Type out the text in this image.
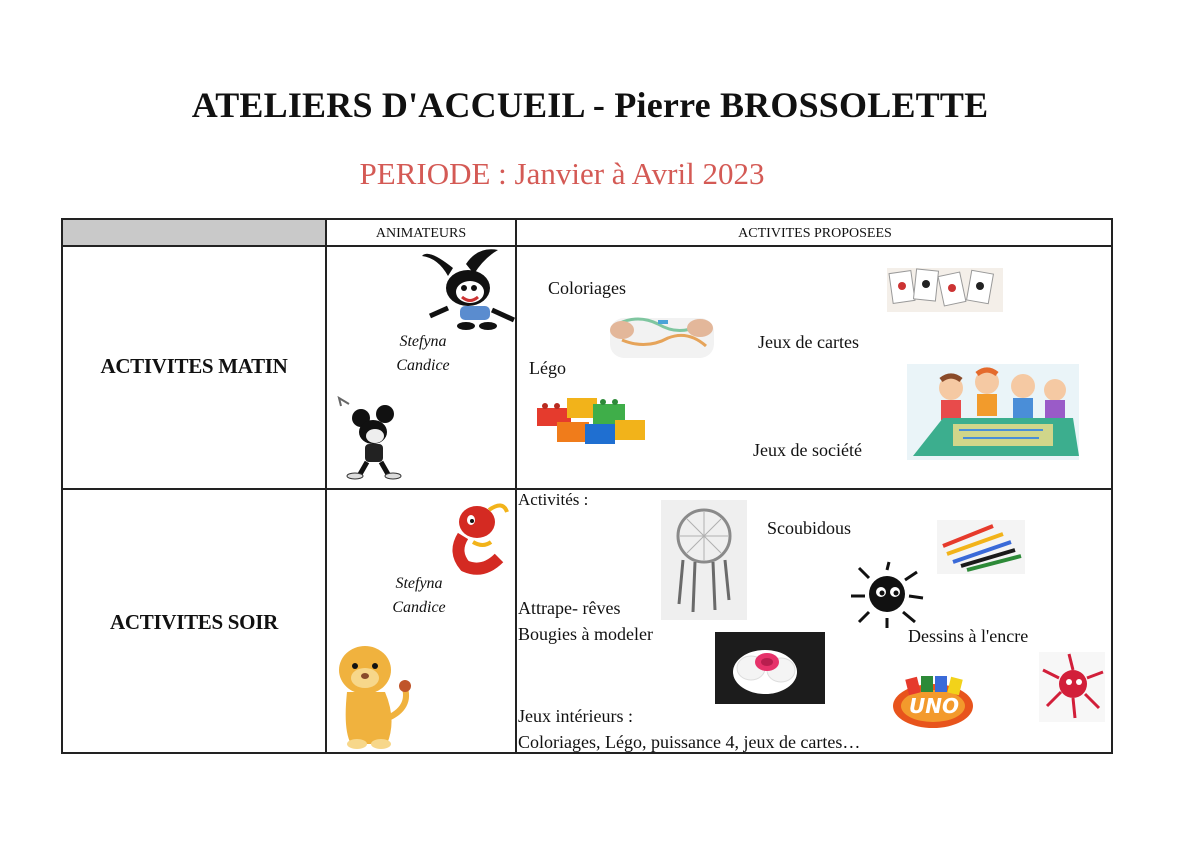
ATELIERS D'ACCUEIL - Pierre BROSSOLETTE
PERIODE : Janvier à Avril 2023
ANIMATEURS	ACTIVITES PROPOSEES
ACTIVITES MATIN
Stefyna
Candice
Coloriages
Légo
Jeux de cartes
Jeux de société
ACTIVITES SOIR
Stefyna
Candice
Activités :
Scoubidous
Attrape- rêves
Bougies à modeler	Dessins à l'encre
Jeux intérieurs :
Coloriages, Légo, puissance 4, jeux de cartes…
UNO
